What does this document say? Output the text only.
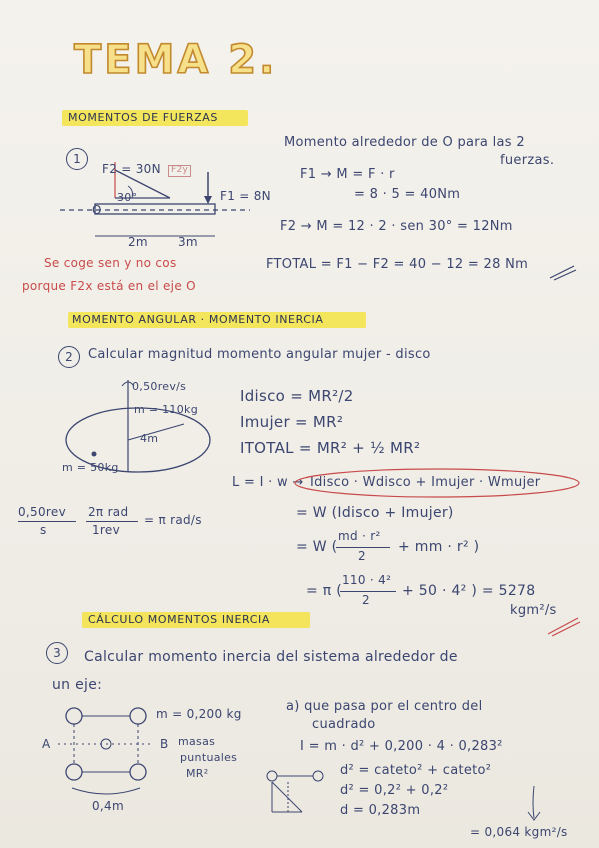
TEMA 2.
MOMENTOS DE FUERZAS
1
F2 = 30N	F2y
F1 = 8N
30°
O
2m	3m
Momento alrededor de O para las 2
fuerzas.
F1 → M = F · r
= 8 · 5 = 40Nm
F2 → M = 12 · 2 · sen 30° = 12Nm
FTOTAL = F1 − F2 = 40 − 12 = 28 Nm
Se coge sen y no cos
porque F2x está en el eje O
MOMENTO ANGULAR · MOMENTO INERCIA
2	Calcular magnitud momento angular mujer - disco
0,50rev/s
m = 110kg
4m
m = 50kg
Idisco = MR²/2
Imujer = MR²
ITOTAL = MR² + ½ MR²
L = I · w → Idisco · Wdisco + Imujer · Wmujer
0,50rev
s
2π rad
1rev
= π rad/s	= W (Idisco + Imujer)
= W (
md · r²
2
+ mm · r² )
= π (
110 · 4²
2
+ 50 · 4² ) = 5278
kgm²/s
CÁLCULO MOMENTOS INERCIA
3	Calcular momento inercia del sistema alrededor de
un eje:
m = 0,200 kg
A	B masas
puntuales
MR²
0,4m
a) que pasa por el centro del
cuadrado
I = m · d² + 0,200 · 4 · 0,283²
d² = cateto² + cateto²
d² = 0,2² + 0,2²
d = 0,283m
= 0,064 kgm²/s
